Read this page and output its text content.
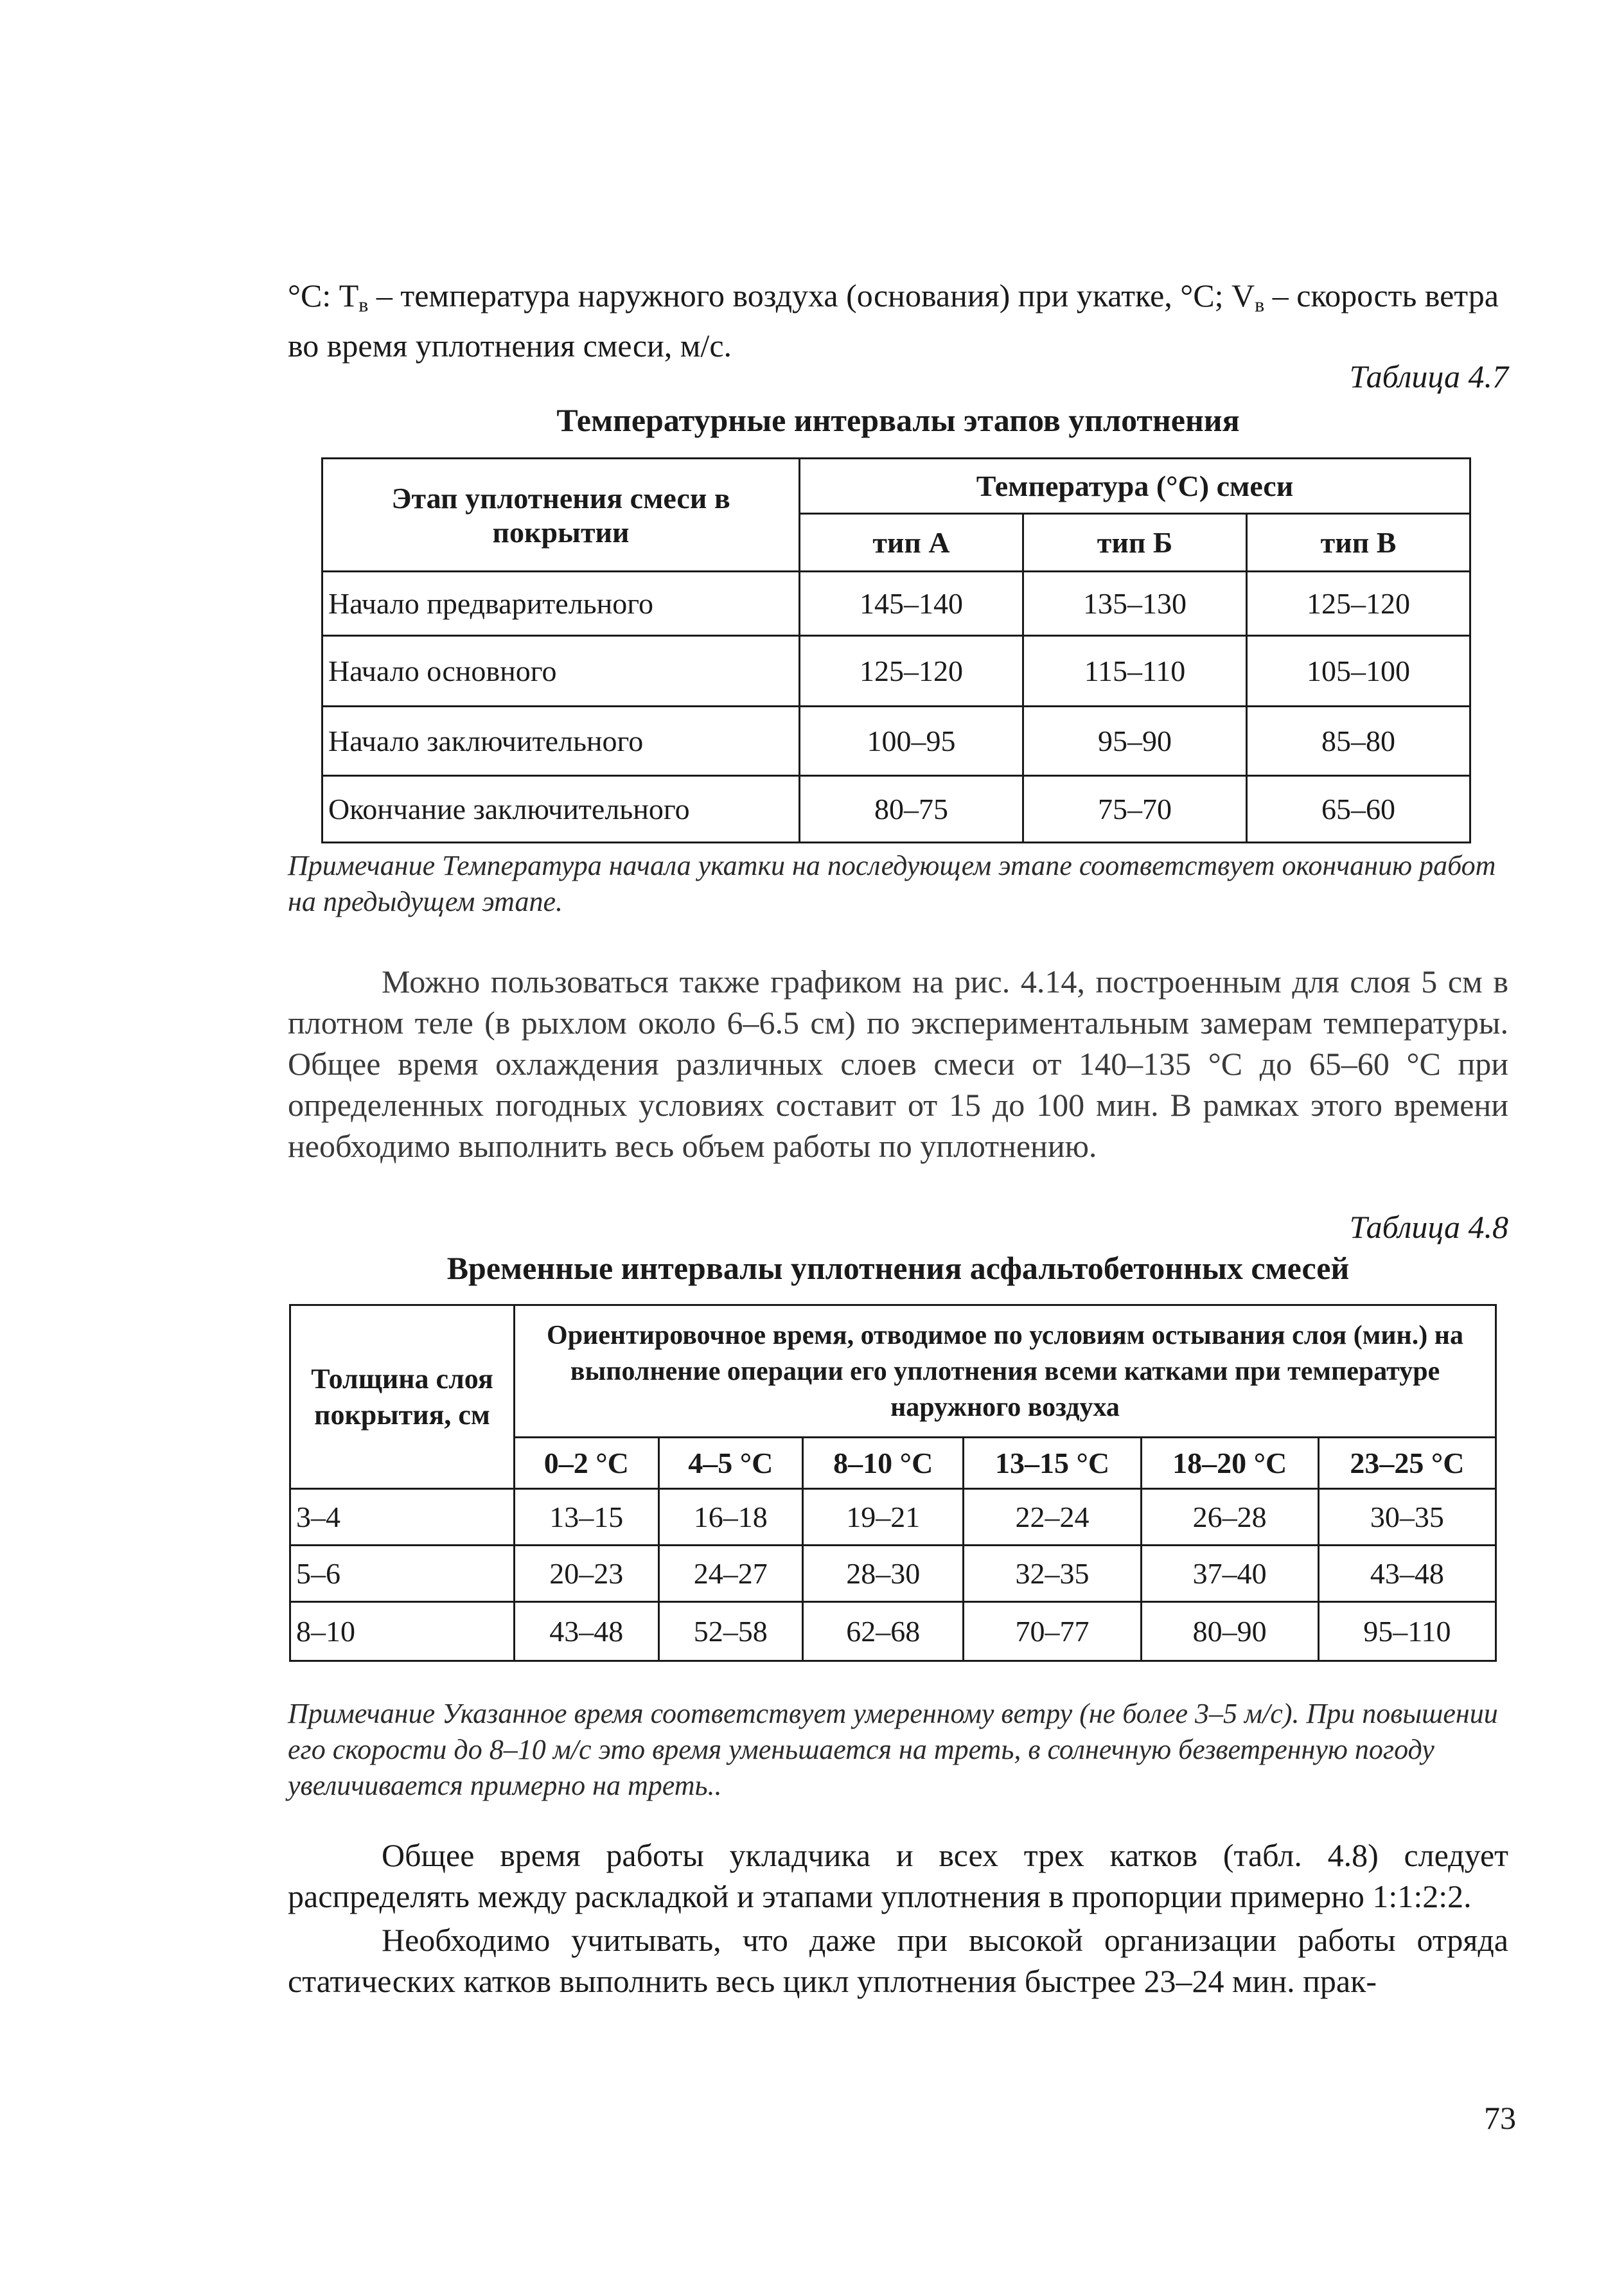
°С: $Т_в$ – температура наружного воздуха (основания) при укатке, °С; $V_в$ – скорость ветра
во время уплотнения смеси, м/с.
Таблица 4.7
Температурные интервалы этапов уплотнения
Этап уплотнения смеси в покрытии	Температура (°С) смеси		
	тип А	тип Б	тип В
Начало предварительного	145–140	135–130	125–120
Начало основного	125–120	115–110	105–100
Начало заключительного	100–95	95–90	85–80
Окончание заключительного	80–75	75–70	65–60
Примечание Температура начала укатки на последующем этапе соответствует окончанию работ на предыдущем этапе.
Можно пользоваться также графиком на рис. 4.14, построенным для слоя 5 см в плотном теле (в рыхлом около 6–6.5 см) по экспериментальным замерам температуры. Общее время охлаждения различных слоев смеси от 140–135 °С до 65–60 °С при определенных погодных условиях составит от 15 до 100 мин. В рамках этого времени необходимо выполнить весь объем работы по уплотнению.
Таблица 4.8
Временные интервалы уплотнения асфальтобетонных смесей
Толщина слоя покрытия, см	Ориентировочное время, отводимое по условиям остывания слоя (мин.) на выполнение операции его уплотнения всеми катками при температуре наружного воздуха					
	0–2 °С	4–5 °С	8–10 °С	13–15 °С	18–20 °С	23–25 °С
3–4	13–15	16–18	19–21	22–24	26–28	30–35
5–6	20–23	24–27	28–30	32–35	37–40	43–48
8–10	43–48	52–58	62–68	70–77	80–90	95–110
Примечание Указанное время соответствует умеренному ветру (не более 3–5 м/с). При повышении его скорости до 8–10 м/с это время уменьшается на треть, в солнечную безветренную погоду увеличивается примерно на треть..
Общее время работы укладчика и всех трех катков (табл. 4.8) следует распределять между раскладкой и этапами уплотнения в пропорции примерно 1:1:2:2.
Необходимо учитывать, что даже при высокой организации работы отряда статических катков выполнить весь цикл уплотнения быстрее 23–24 мин. прак-
73
